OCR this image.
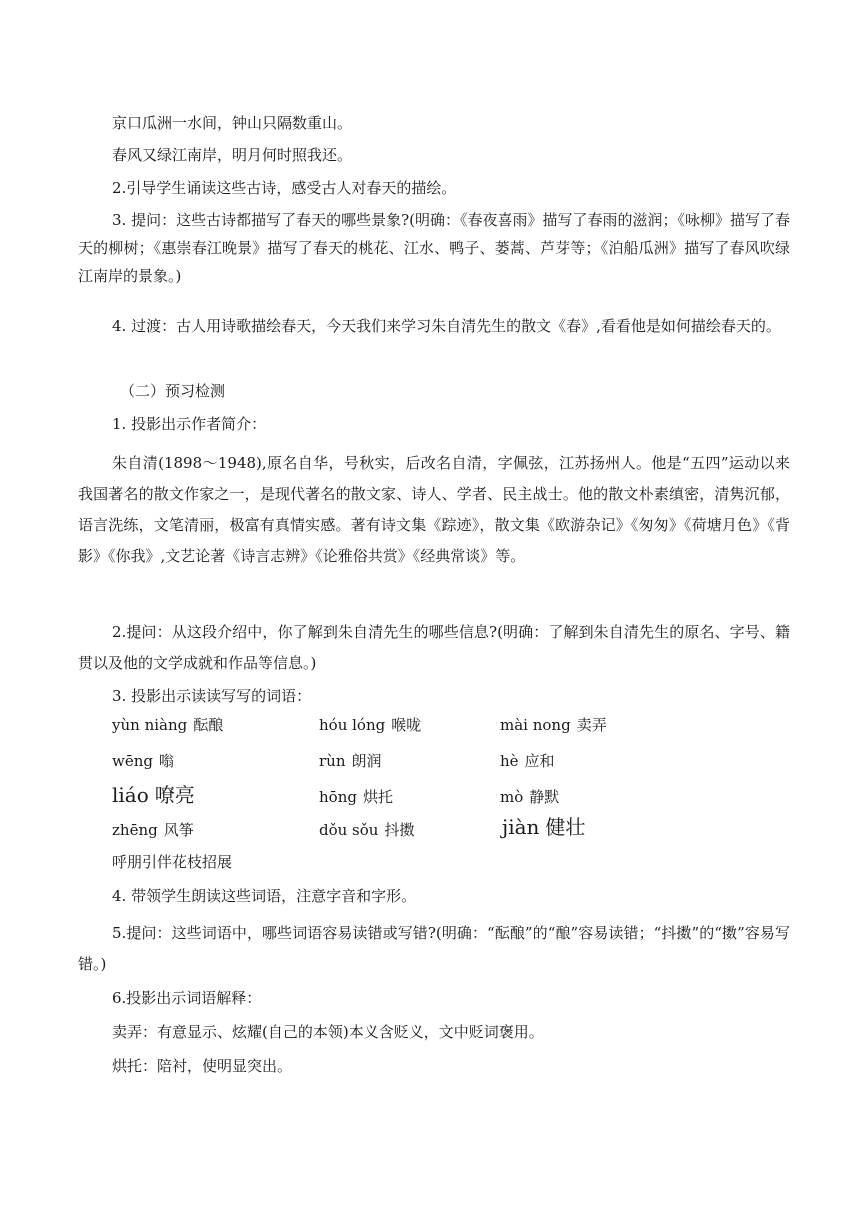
京口瓜洲一水间，钟山只隔数重山。
春风又绿江南岸，明月何时照我还。
2.引导学生诵读这些古诗，感受古人对春天的描绘。
3. 提问：这些古诗都描写了春天的哪些景象?(明确：《春夜喜雨》描写了春雨的滋润；《咏柳》描写了春天的柳树；《惠崇春江晚景》描写了春天的桃花、江水、鸭子、蒌蒿、芦芽等；《泊船瓜洲》描写了春风吹绿江南岸的景象。)
4. 过渡：古人用诗歌描绘春天，今天我们来学习朱自清先生的散文《春》,看看他是如何描绘春天的。
（二）预习检测
1. 投影出示作者简介：
朱自清(1898～1948),原名自华，号秋实，后改名自清，字佩弦，江苏扬州人。他是“五四”运动以来我国著名的散文作家之一，是现代著名的散文家、诗人、学者、民主战士。他的散文朴素缜密，清隽沉郁，语言洗练，文笔清丽，极富有真情实感。著有诗文集《踪迹》，散文集《欧游杂记》《匆匆》《荷塘月色》《背影》《你我》,文艺论著《诗言志辨》《论雅俗共赏》《经典常谈》等。
2.提问：从这段介绍中，你了解到朱自清先生的哪些信息?(明确：了解到朱自清先生的原名、字号、籍贯以及他的文学成就和作品等信息。)
3. 投影出示读读写写的词语：
yùn niàng 酝酿	hóu lóng 喉咙	mài nong 卖弄
wēng 嗡	rùn 朗润	hè 应和
liáo 嘹亮	hōng 烘托	mò 静默
zhēng 风筝	dǒu sǒu 抖擞	jiàn 健壮
呼朋引伴花枝招展
4. 带领学生朗读这些词语，注意字音和字形。
5.提问：这些词语中，哪些词语容易读错或写错?(明确：“酝酿”的“酿”容易读错；“抖擞”的“擞”容易写错。)
6.投影出示词语解释：
卖弄：有意显示、炫耀(自己的本领)本义含贬义，文中贬词褒用。
烘托：陪衬，使明显突出。
